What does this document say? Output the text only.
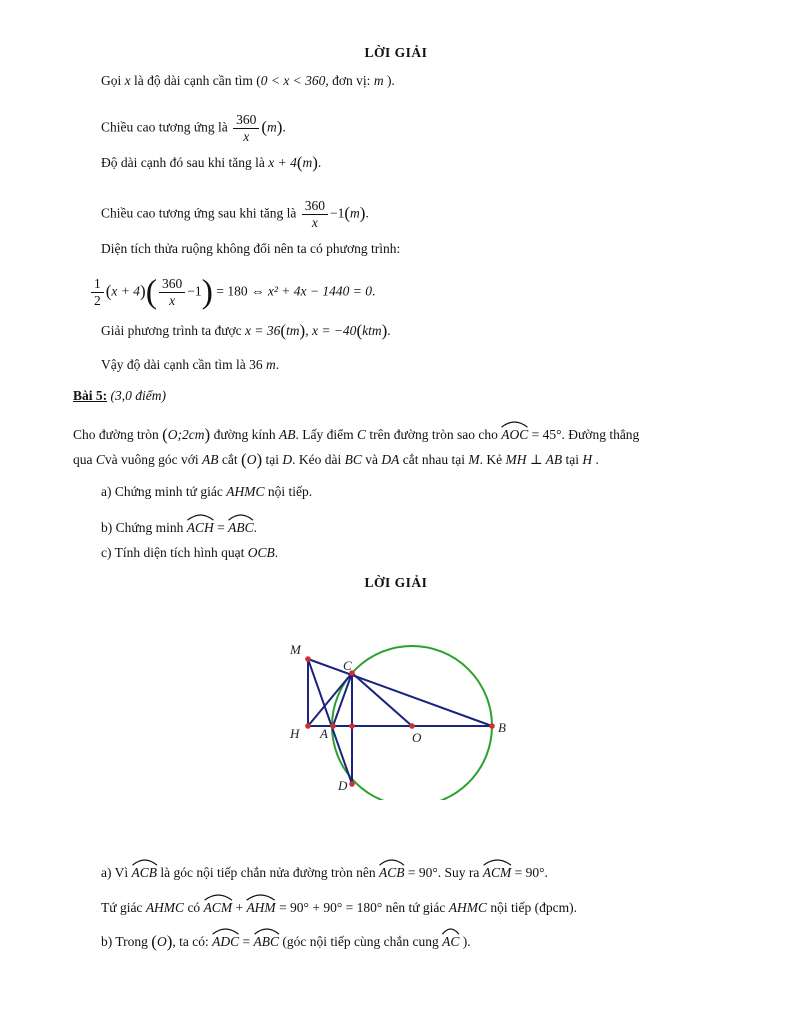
LỜI GIẢI
Gọi x là độ dài cạnh cần tìm (0 < x < 360, đơn vị: m ).
Chiều cao tương ứng là $\frac{360}{x} (m)$.
Độ dài cạnh đó sau khi tăng là x + 4(m).
Chiều cao tương ứng sau khi tăng là $\frac{360}{x} -1(m)$.
Diện tích thửa ruộng không đổi nên ta có phương trình:
$\frac{1}{2} (x + 4)( \frac{360}{x} -1) = 180$ ⇔ x² + 4x − 1440 = 0.
Giải phương trình ta được x = 36(tm), x = −40(ktm).
Vậy độ dài cạnh cần tìm là 36 m.
Bài 5: (3,0 điểm)
Cho đường tròn (O;2cm) đường kính AB. Lấy điểm C trên đường tròn sao cho AOC = 45°. Đường thẳng
qua Cvà vuông góc với AB cắt (O) tại D. Kéo dài BC và DA cắt nhau tại M. Kẻ MH ⊥ AB tại H .
a) Chứng minh tứ giác AHMC nội tiếp.
b) Chứng minh ACH = ABC.
c) Tính diện tích hình quạt OCB.
LỜI GIẢI
M
C
H A	O
B
D
a) Vì ACB là góc nội tiếp chắn nửa đường tròn nên ACB = 90°. Suy ra ACM = 90°.
Tứ giác AHMC có ACM + AHM = 90° + 90° = 180° nên tứ giác AHMC nội tiếp (đpcm).
b) Trong (O), ta có: ADC = ABC (góc nội tiếp cùng chắn cung AC ).
